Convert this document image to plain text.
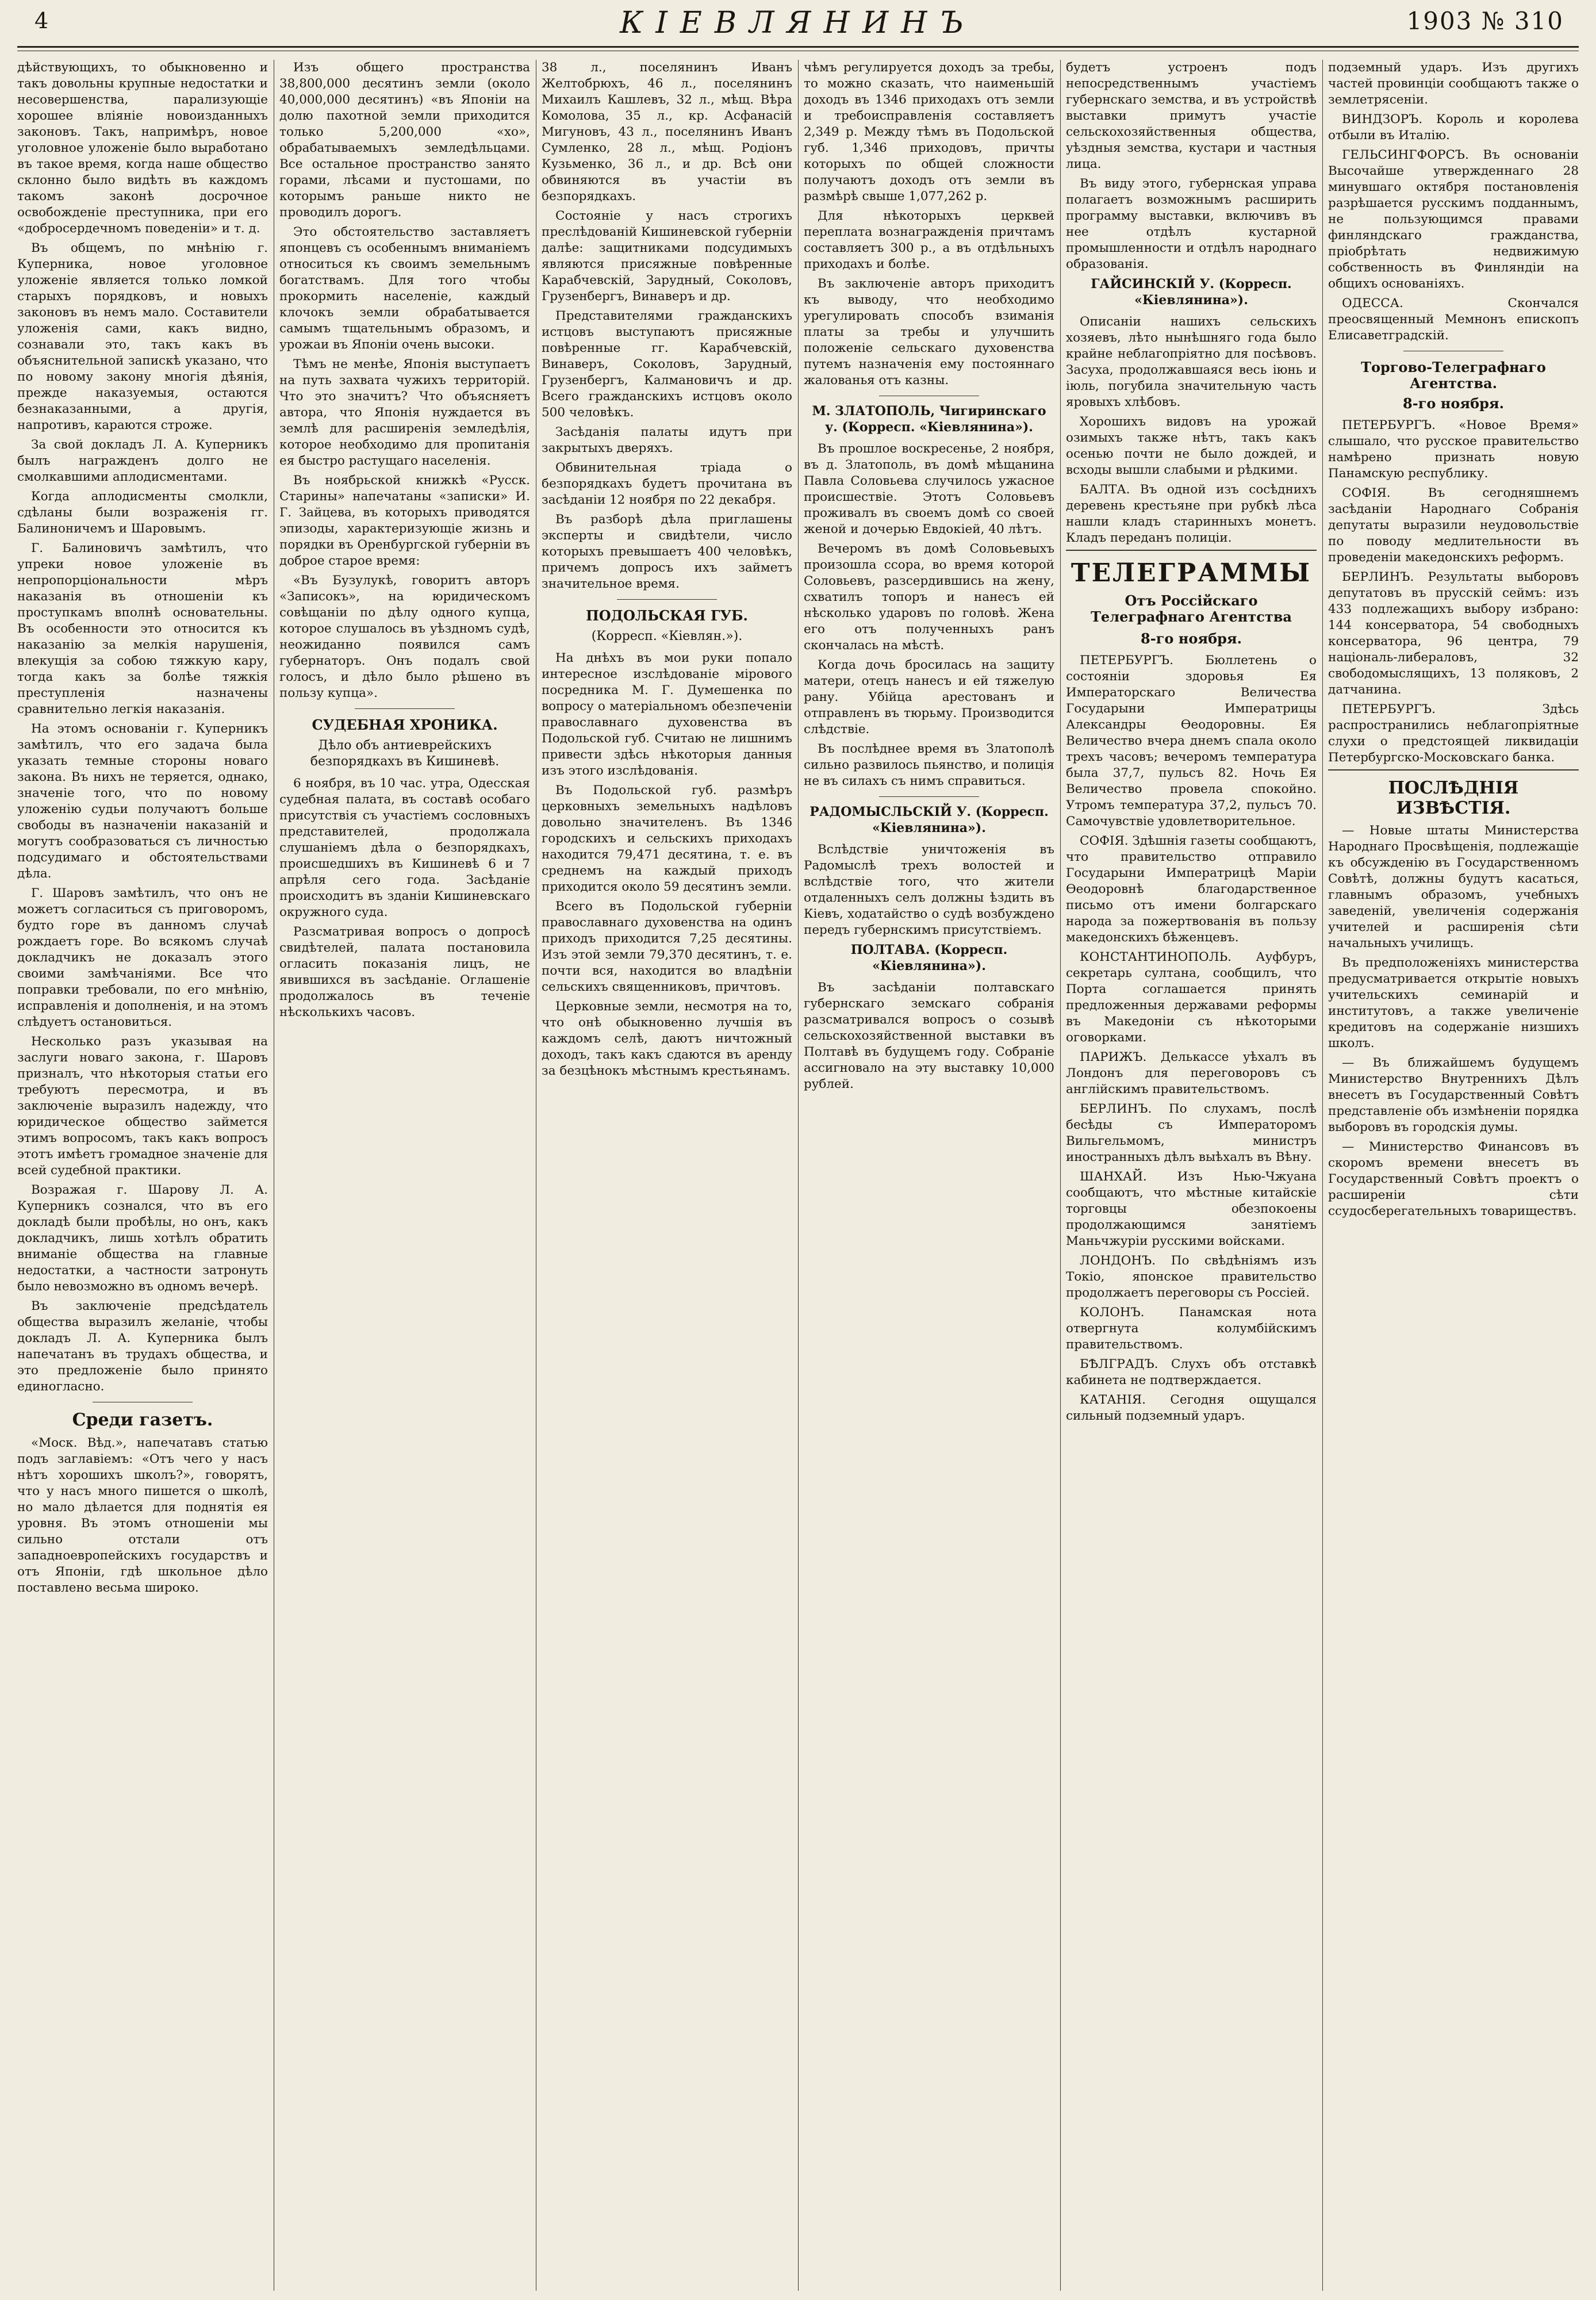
4	КІЕВЛЯНИНЪ	1903 № 310

дѣйствующихъ, то обыкновенно и такъ довольны крупные недостатки и несовершенства, парализующіе хорошее вліяніе новоизданныхъ законовъ. Такъ, напримѣръ, новое уголовное уложеніе было выработано въ такое время, когда наше общество склонно было видѣть въ каждомъ такомъ законѣ досрочное освобожденіе преступника, при его «добросердечномъ поведеніи» и т. д.

Въ общемъ, по мнѣнію г. Куперника, новое уголовное уложеніе является только ломкой старыхъ порядковъ, и новыхъ законовъ въ немъ мало. Составители уложенія сами, какъ видно, сознавали это, такъ какъ въ объяснительной запискѣ указано, что по новому закону многія дѣянія, прежде наказуемыя, остаются безнаказанными, а другія, напротивъ, караются строже.

За свой докладъ Л. А. Куперникъ былъ награжденъ долго не смолкавшими аплодисментами.

Когда аплодисменты смолкли, сдѣланы были возраженія гг. Балиноничемъ и Шаровымъ.

Г. Балиновичъ замѣтилъ, что упреки новое уложеніе въ непропорціональности мѣръ наказанія въ отношеніи къ проступкамъ вполнѣ основательны. Въ особенности это относится къ наказанію за мелкія нарушенія, влекущія за собою тяжкую кару, тогда какъ за болѣе тяжкія преступленія назначены сравнительно легкія наказанія.

На этомъ основаніи г. Куперникъ замѣтилъ, что его задача была указать темные стороны новаго закона. Въ нихъ не теряется, однако, значеніе того, что по новому уложенію судьи получаютъ больше свободы въ назначеніи наказаній и могутъ сообразоваться съ личностью подсудимаго и обстоятельствами дѣла.

Г. Шаровъ замѣтилъ, что онъ не можетъ согласиться съ приговоромъ, будто горе въ данномъ случаѣ рождаетъ горе. Во всякомъ случаѣ докладчикъ не доказалъ этого своими замѣчаніями. Все что поправки требовали, по его мнѣнію, исправленія и дополненія, и на этомъ слѣдуетъ остановиться.

Несколько разъ указывая на заслуги новаго закона, г. Шаровъ призналъ, что нѣкоторыя статьи его требуютъ пересмотра, и въ заключеніе выразилъ надежду, что юридическое общество займется этимъ вопросомъ, такъ какъ вопросъ этотъ имѣетъ громадное значеніе для всей судебной практики.

Возражая г. Шарову Л. А. Куперникъ сознался, что въ его докладѣ были пробѣлы, но онъ, какъ докладчикъ, лишь хотѣлъ обратить вниманіе общества на главные недостатки, а частности затронуть было невозможно въ одномъ вечерѣ.

Въ заключеніе предсѣдатель общества выразилъ желаніе, чтобы докладъ Л. А. Куперника былъ напечатанъ въ трудахъ общества, и это предложеніе было принято единогласно.

Среди газетъ.

«Моск. Вѣд.», напечатавъ статью подъ заглавіемъ: «Отъ чего у насъ нѣтъ хорошихъ школъ?», говорятъ, что у насъ много пишется о школѣ, но мало дѣлается для поднятія ея уровня. Въ этомъ отношеніи мы сильно отстали отъ западноевропейскихъ государствъ и отъ Японіи, гдѣ школьное дѣло поставлено весьма широко.

Изъ общего пространства 38,800,000 десятинъ земли (около 40,000,000 десятинъ) «въ Японіи на долю пахотной земли приходится только 5,200,000 «хо», обрабатываемыхъ земледѣльцами. Все остальное пространство занято горами, лѣсами и пустошами, по которымъ раньше никто не проводилъ дорогъ.

Это обстоятельство заставляетъ японцевъ съ особеннымъ вниманіемъ относиться къ своимъ земельнымъ богатствамъ. Для того чтобы прокормить населеніе, каждый клочокъ земли обрабатывается самымъ тщательнымъ образомъ, и урожаи въ Японіи очень высоки.

Тѣмъ не менѣе, Японія выступаетъ на путь захвата чужихъ территорій. Что это значитъ? Что объясняетъ автора, что Японія нуждается въ землѣ для расширенія земледѣлія, которое необходимо для пропитанія ея быстро растущаго населенія.

Въ ноябрьской книжкѣ «Русск. Старины» напечатаны «записки» И. Г. Зайцева, въ которыхъ приводятся эпизоды, характеризующіе жизнь и порядки въ Оренбургской губерніи въ доброе старое время:

«Въ Бузулукѣ, говоритъ авторъ «Записокъ», на юридическомъ совѣщаніи по дѣлу одного купца, которое слушалось въ уѣздномъ судѣ, неожиданно появился самъ губернаторъ. Онъ подалъ свой голосъ, и дѣло было рѣшено въ пользу купца».

СУДЕБНАЯ ХРОНИКА.
Дѣло объ антиеврейскихъ безпорядкахъ въ Кишиневѣ.

6 ноября, въ 10 час. утра, Одесская судебная палата, въ составѣ особаго присутствія съ участіемъ сословныхъ представителей, продолжала слушаніемъ дѣла о безпорядкахъ, происшедшихъ въ Кишиневѣ 6 и 7 апрѣля сего года. Засѣданіе происходитъ въ зданіи Кишиневскаго окружного суда.

Разсматривая вопросъ о допросѣ свидѣтелей, палата постановила огласить показанія лицъ, не явившихся въ засѣданіе. Оглашеніе продолжалось въ теченіе нѣсколькихъ часовъ.

38 л., поселянинъ Иванъ Желтобрюхъ, 46 л., поселянинъ Михаилъ Кашлевъ, 32 л., мѣщ. Вѣра Комолова, 35 л., кр. Асфанасій Мигуновъ, 43 л., поселянинъ Иванъ Сумленко, 28 л., мѣщ. Родіонъ Кузьменко, 36 л., и др. Всѣ они обвиняются въ участіи въ безпорядкахъ.

Состояніе у насъ строгихъ преслѣдованій Кишиневской губерніи далѣе: защитниками подсудимыхъ являются присяжные повѣренные Карабчевскій, Зарудный, Соколовъ, Грузенбергъ, Винаверъ и др.

Представителями гражданскихъ истцовъ выступаютъ присяжные повѣренные гг. Карабчевскій, Винаверъ, Соколовъ, Зарудный, Грузенбергъ, Калмановичъ и др. Всего гражданскихъ истцовъ около 500 человѣкъ.

Засѣданія палаты идутъ при закрытыхъ дверяхъ.

Обвинительная тріада о безпорядкахъ будетъ прочитана въ засѣданіи 12 ноября по 22 декабря.

Въ разборѣ дѣла приглашены эксперты и свидѣтели, число которыхъ превышаетъ 400 человѣкъ, причемъ допросъ ихъ займетъ значительное время.

ПОДОЛЬСКАЯ ГУБ.
(Корресп. «Кіевлян.»).

На днѣхъ въ мои руки попало интересное изслѣдованіе мірового посредника М. Г. Думешенка по вопросу о матеріальномъ обезпеченіи православнаго духовенства въ Подольской губ. Считаю не лишнимъ привести здѣсь нѣкоторыя данныя изъ этого изслѣдованія.

Въ Подольской губ. размѣръ церковныхъ земельныхъ надѣловъ довольно значителенъ. Въ 1346 городскихъ и сельскихъ приходахъ находится 79,471 десятина, т. е. въ среднемъ на каждый приходъ приходится около 59 десятинъ земли.

Всего въ Подольской губерніи православнаго духовенства на одинъ приходъ приходится 7,25 десятины. Изъ этой земли 79,370 десятинъ, т. е. почти вся, находится во владѣніи сельскихъ священниковъ, причтовъ.

Церковные земли, несмотря на то, что онѣ обыкновенно лучшія въ каждомъ селѣ, даютъ ничтожный доходъ, такъ какъ сдаются въ аренду за безцѣнокъ мѣстнымъ крестьянамъ.

чѣмъ регулируется доходъ за требы, то можно сказать, что наименьшій доходъ въ 1346 приходахъ отъ земли и требоисправленія составляетъ 2,349 р. Между тѣмъ въ Подольской губ. 1,346 приходовъ, причты которыхъ по общей сложности получаютъ доходъ отъ земли въ размѣрѣ свыше 1,077,262 р.

Для нѣкоторыхъ церквей переплата вознагражденія причтамъ составляетъ 300 р., а въ отдѣльныхъ приходахъ и болѣе.

Въ заключеніе авторъ приходитъ къ выводу, что необходимо урегулировать способъ взиманія платы за требы и улучшить положеніе сельскаго духовенства путемъ назначенія ему постояннаго жалованья отъ казны.

М. ЗЛАТОПОЛЬ, Чигиринскаго у. (Корресп. «Кіевлянина»).

Въ прошлое воскресенье, 2 ноября, въ д. Златополь, въ домѣ мѣщанина Павла Соловьева случилось ужасное происшествіе. Этотъ Соловьевъ проживалъ въ своемъ домѣ со своей женой и дочерью Евдокіей, 40 лѣтъ.

Вечеромъ въ домѣ Соловьевыхъ произошла ссора, во время которой Соловьевъ, разсердившись на жену, схватилъ топоръ и нанесъ ей нѣсколько ударовъ по головѣ. Жена его отъ полученныхъ ранъ скончалась на мѣстѣ.

Когда дочь бросилась на защиту матери, отецъ нанесъ и ей тяжелую рану. Убійца арестованъ и отправленъ въ тюрьму. Производится слѣдствіе.

Въ послѣднее время въ Златополѣ сильно развилось пьянство, и полиція не въ силахъ съ нимъ справиться.

РАДОМЫСЛЬСКІЙ У. (Корресп. «Кіевлянина»).

Вслѣдствіе уничтоженія въ Радомыслѣ трехъ волостей и вслѣдствіе того, что жители отдаленныхъ селъ должны ѣздить въ Кіевъ, ходатайство о судѣ возбуждено передъ губернскимъ присутствіемъ.

ПОЛТАВА. (Корресп. «Кіевлянина»).

Въ засѣданіи полтавскаго губернскаго земскаго собранія разсматривался вопросъ о созывѣ сельскохозяйственной выставки въ Полтавѣ въ будущемъ году. Собраніе ассигновало на эту выставку 10,000 рублей.

будетъ устроенъ подъ непосредственнымъ участіемъ губернскаго земства, и въ устройствѣ выставки примутъ участіе сельскохозяйственныя общества, уѣздныя земства, кустари и частныя лица.

Въ виду этого, губернская управа полагаетъ возможнымъ расширить программу выставки, включивъ въ нее отдѣлъ кустарной промышленности и отдѣлъ народнаго образованія.

ГАЙСИНСКІЙ У. (Корресп. «Кіевлянина»).

Описаніи нашихъ сельскихъ хозяевъ, лѣто нынѣшняго года было крайне неблагопріятно для посѣвовъ. Засуха, продолжавшаяся весь іюнь и іюль, погубила значительную часть яровыхъ хлѣбовъ.

Хорошихъ видовъ на урожай озимыхъ также нѣтъ, такъ какъ осенью почти не было дождей, и всходы вышли слабыми и рѣдкими.

БАЛТА. Въ одной изъ сосѣднихъ деревень крестьяне при рубкѣ лѣса нашли кладъ старинныхъ монетъ. Кладъ переданъ полиціи.

ТЕЛЕГРАММЫ
Отъ Россійскаго Телеграфнаго Агентства
8-го ноября.

ПЕТЕРБУРГЪ. Бюллетень о состояніи здоровья Ея Императорскаго Величества Государыни Императрицы Александры Ѳеодоровны. Ея Величество вчера днемъ спала около трехъ часовъ; вечеромъ температура была 37,7, пульсъ 82. Ночь Ея Величество провела спокойно. Утромъ температура 37,2, пульсъ 70. Самочувствіе удовлетворительное.

СОФІЯ. Здѣшнія газеты сообщаютъ, что правительство отправило Государыни Императрицѣ Маріи Ѳеодоровнѣ благодарственное письмо отъ имени болгарскаго народа за пожертвованія въ пользу македонскихъ бѣженцевъ.

КОНСТАНТИНОПОЛЬ. Ауфбуръ, секретарь султана, сообщилъ, что Порта соглашается принять предложенныя державами реформы въ Македоніи съ нѣкоторыми оговорками.

ПАРИЖЪ. Делькассе уѣхалъ въ Лондонъ для переговоровъ съ англійскимъ правительствомъ.

БЕРЛИНЪ. По слухамъ, послѣ бесѣды съ Императоромъ Вильгельмомъ, министръ иностранныхъ дѣлъ выѣхалъ въ Вѣну.

ШАНХАЙ. Изъ Нью-Чжуана сообщаютъ, что мѣстные китайскіе торговцы обезпокоены продолжающимся занятіемъ Маньчжуріи русскими войсками.

ЛОНДОНЪ. По свѣдѣніямъ изъ Токіо, японское правительство продолжаетъ переговоры съ Россіей.

КОЛОНЪ. Панамская нота отвергнута колумбійскимъ правительствомъ.

БѢЛГРАДЪ. Слухъ объ отставкѣ кабинета не подтверждается.

КАТАНІЯ. Сегодня ощущался сильный подземный ударъ.

подземный ударъ. Изъ другихъ частей провинціи сообщаютъ также о землетрясеніи.

ВИНДЗОРЪ. Король и королева отбыли въ Италію.

ГЕЛЬСИНГФОРСЪ. Въ основаніи Высочайше утвержденнаго 28 минувшаго октября постановленія разрѣшается русскимъ подданнымъ, не пользующимся правами финляндскаго гражданства, пріобрѣтать недвижимую собственность въ Финляндіи на общихъ основаніяхъ.

ОДЕССА. Скончался преосвященный Мемнонъ епископъ Елисаветградскій.

Торгово-Телеграфнаго Агентства.
8-го ноября.

ПЕТЕРБУРГЪ. «Новое Время» слышало, что русское правительство намѣрено признать новую Панамскую республику.

СОФІЯ. Въ сегодняшнемъ засѣданіи Народнаго Собранія депутаты выразили неудовольствіе по поводу медлительности въ проведеніи македонскихъ реформъ.

БЕРЛИНЪ. Результаты выборовъ депутатовъ въ прусскій сеймъ: изъ 433 подлежащихъ выбору избрано: 144 консерватора, 54 свободныхъ консерватора, 96 центра, 79 національ-либераловъ, 32 свободомыслящихъ, 13 поляковъ, 2 датчанина.

ПЕТЕРБУРГЪ. Здѣсь распространились неблагопріятные слухи о предстоящей ликвидаціи Петербургско-Московскаго банка.

ПОСЛѢДНІЯ ИЗВѢСТІЯ.

— Новые штаты Министерства Народнаго Просвѣщенія, подлежащіе къ обсужденію въ Государственномъ Совѣтѣ, должны будутъ касаться, главнымъ образомъ, учебныхъ заведеній, увеличенія содержанія учителей и расширенія сѣти начальныхъ училищъ.

Въ предположеніяхъ министерства предусматривается открытіе новыхъ учительскихъ семинарій и институтовъ, а также увеличеніе кредитовъ на содержаніе низшихъ школъ.

— Въ ближайшемъ будущемъ Министерство Внутреннихъ Дѣлъ внесетъ въ Государственный Совѣтъ представленіе объ измѣненіи порядка выборовъ въ городскія думы.

— Министерство Финансовъ въ скоромъ времени внесетъ въ Государственный Совѣтъ проектъ о расширеніи сѣти ссудосберегательныхъ товариществъ.
